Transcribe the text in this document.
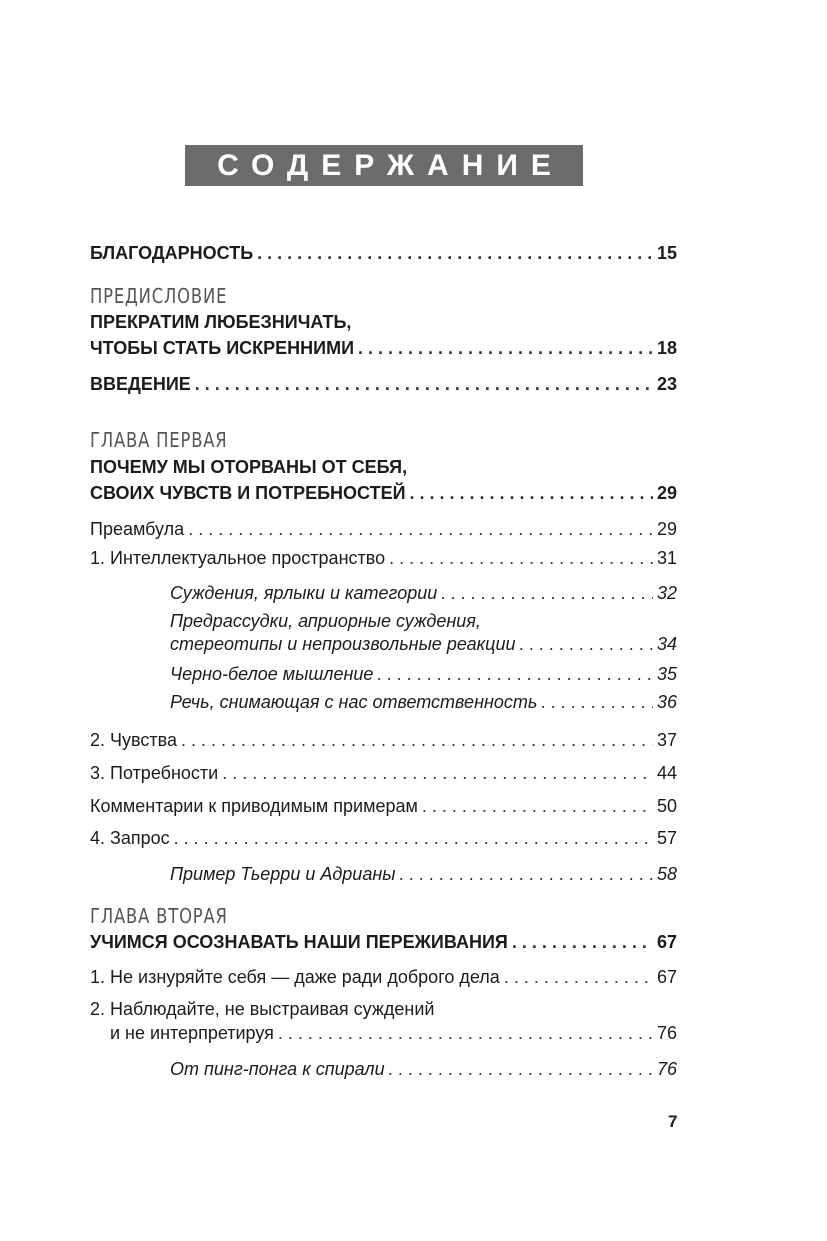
СОДЕРЖАНИЕ
БЛАГОДАРНОСТЬ . . .	15
ПРЕДИСЛОВИЕ
ПРЕКРАТИМ ЛЮБЕЗНИЧАТЬ,
ЧТОБЫ СТАТЬ ИСКРЕННИМИ . . .	18
ВВЕДЕНИЕ . . .	23
ГЛАВА ПЕРВАЯ
ПОЧЕМУ МЫ ОТОРВАНЫ ОТ СЕБЯ,
СВОИХ ЧУВСТВ И ПОТРЕБНОСТЕЙ . . .	29
Преамбула . . .	29
1. Интеллектуальное пространство . . .	31
Суждения, ярлыки и категории . . .	32
Предрассудки, априорные суждения,
стереотипы и непроизвольные реакции . . .	34
Черно-белое мышление . . .	35
Речь, снимающая с нас ответственность . . .	36
2. Чувства . . .	37
3. Потребности . . .	44
Комментарии к приводимым примерам . . .	50
4. Запрос . . .	57
Пример Тьерри и Адрианы . . .	58
ГЛАВА ВТОРАЯ
УЧИМСЯ ОСОЗНАВАТЬ НАШИ ПЕРЕЖИВАНИЯ . . .	67
1. Не изнуряйте себя — даже ради доброго дела . . .	67
2. Наблюдайте, не выстраивая суждений
и не интерпретируя . . .	76
От пинг-понга к спирали . . .	76
7
